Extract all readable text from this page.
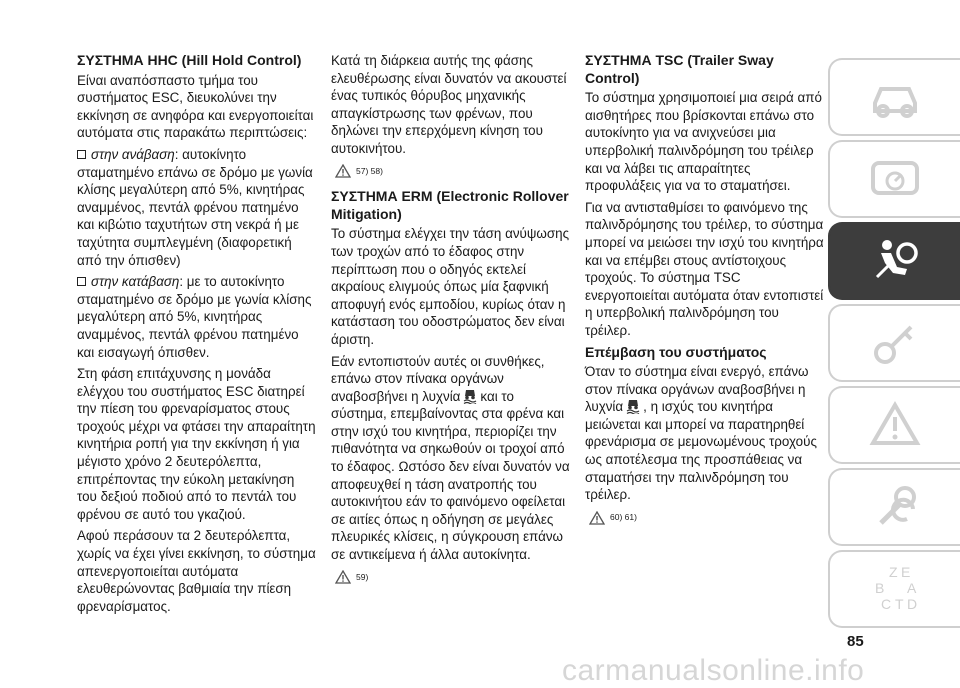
ΣΥΣΤΗΜΑ HHC (Hill Hold Control)

Είναι αναπόσπαστο τμήμα του συστήματος ESC, διευκολύνει την εκκίνηση σε ανηφόρα και ενεργοποιείται αυτόματα στις παρακάτω περιπτώσεις:

στην ανάβαση: αυτοκίνητο σταματημένο επάνω σε δρόμο με γωνία κλίσης μεγαλύτερη από 5%, κινητήρας αναμμένος, πεντάλ φρένου πατημένο και κιβώτιο ταχυτήτων στη νεκρά ή με ταχύτητα συμπλεγμένη (διαφορετική από την όπισθεν)

στην κατάβαση: με το αυτοκίνητο σταματημένο σε δρόμο με γωνία κλίσης μεγαλύτερη από 5%, κινητήρας αναμμένος, πεντάλ φρένου πατημένο και εισαγωγή όπισθεν.

Στη φάση επιτάχυνσης η μονάδα ελέγχου του συστήματος ESC διατηρεί την πίεση του φρεναρίσματος στους τροχούς μέχρι να φτάσει την απαραίτητη κινητήρια ροπή για την εκκίνηση ή για μέγιστο χρόνο 2 δευτερόλεπτα, επιτρέποντας την εύκολη μετακίνηση του δεξιού ποδιού από το πεντάλ του φρένου σε αυτό του γκαζιού.

Αφού περάσουν τα 2 δευτερόλεπτα, χωρίς να έχει γίνει εκκίνηση, το σύστημα απενεργοποιείται αυτόματα ελευθερώνοντας βαθμιαία την πίεση φρεναρίσματος.

Κατά τη διάρκεια αυτής της φάσης ελευθέρωσης είναι δυνατόν να ακουστεί ένας τυπικός θόρυβος μηχανικής απαγκίστρωσης των φρένων, που δηλώνει την επερχόμενη κίνηση του αυτοκινήτου.

57) 58)
ΣΥΣΤΗΜΑ ERM (Electronic Rollover Mitigation)

Το σύστημα ελέγχει την τάση ανύψωσης των τροχών από το έδαφος στην περίπτωση που ο οδηγός εκτελεί ακραίους ελιγμούς όπως μία ξαφνική αποφυγή ενός εμποδίου, κυρίως όταν η κατάσταση του οδοστρώματος δεν είναι άριστη.

Εάν εντοπιστούν αυτές οι συνθήκες, επάνω στον πίνακα οργάνων αναβοσβήνει η λυχνία και το σύστημα, επεμβαίνοντας στα φρένα και στην ισχύ του κινητήρα, περιορίζει την πιθανότητα να σηκωθούν οι τροχοί από το έδαφος. Ωστόσο δεν είναι δυνατόν να αποφευχθεί η τάση ανατροπής του αυτοκινήτου εάν το φαινόμενο οφείλεται σε αιτίες όπως η οδήγηση σε μεγάλες πλευρικές κλίσεις, η σύγκρουση επάνω σε αντικείμενα ή άλλα αυτοκίνητα.

59)
ΣΥΣΤΗΜΑ TSC (Trailer Sway Control)

Το σύστημα χρησιμοποιεί μια σειρά από αισθητήρες που βρίσκονται επάνω στο αυτοκίνητο για να ανιχνεύσει μια υπερβολική παλινδρόμηση του τρέιλερ και να λάβει τις απαραίτητες προφυλάξεις για να το σταματήσει.

Για να αντισταθμίσει το φαινόμενο της παλινδρόμησης του τρέιλερ, το σύστημα μπορεί να μειώσει την ισχύ του κινητήρα και να επέμβει στους αντίστοιχους τροχούς. Το σύστημα TSC ενεργοποιείται αυτόματα όταν εντοπιστεί η υπερβολική παλινδρόμηση του τρέιλερ.

Επέμβαση του συστήματος

Όταν το σύστημα είναι ενεργό, επάνω στον πίνακα οργάνων αναβοσβήνει η λυχνία , η ισχύς του κινητήρα μειώνεται και μπορεί να παρατηρηθεί φρενάρισμα σε μεμονωμένους τροχούς ως αποτέλεσμα της προσπάθειας να σταματήσει την παλινδρόμηση του τρέιλερ.

60) 61)
Z E
B A
C T D
85
carmanualsonline.info
